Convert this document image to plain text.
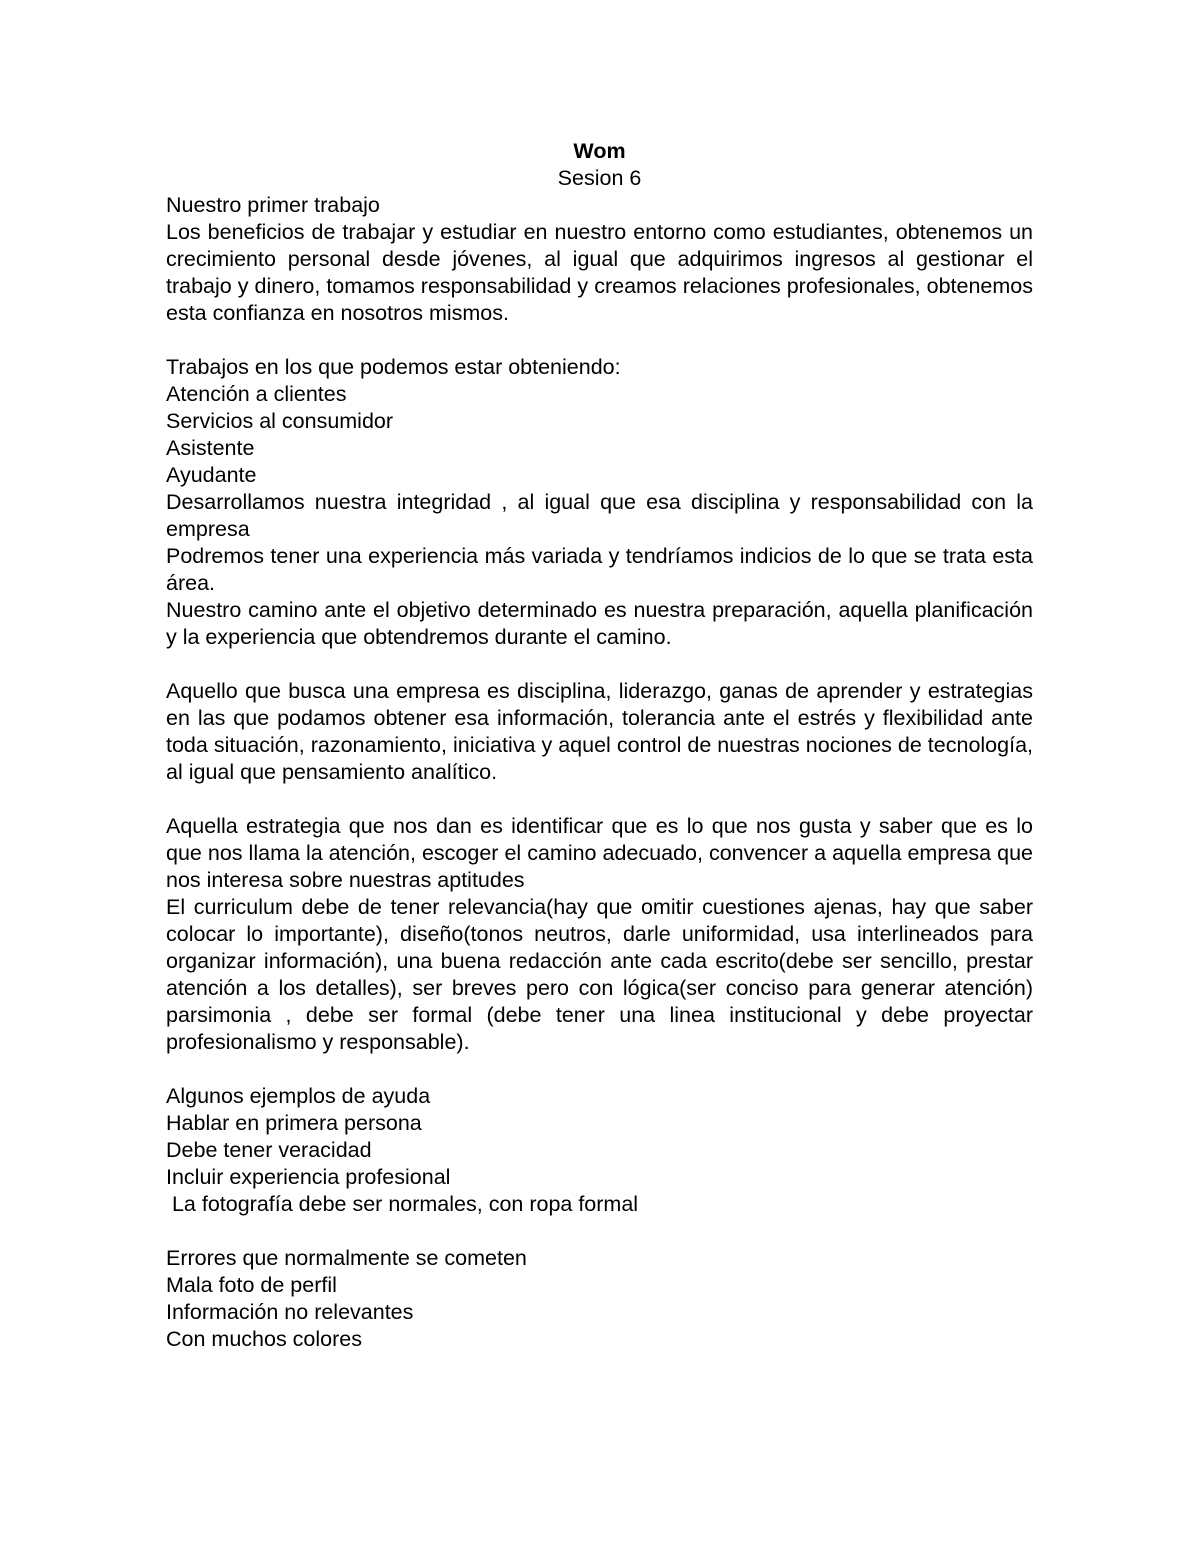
Wom

Sesion 6

Nuestro primer trabajo

Los beneficios de trabajar y estudiar en nuestro entorno como estudiantes, obtenemos un crecimiento personal desde jóvenes, al igual que adquirimos ingresos al gestionar el trabajo y dinero, tomamos responsabilidad y creamos relaciones profesionales, obtenemos esta confianza en nosotros mismos.

Trabajos en los que podemos estar obteniendo:

Atención a clientes

Servicios al consumidor

Asistente

Ayudante

Desarrollamos nuestra integridad , al igual que esa disciplina y responsabilidad con la empresa

Podremos tener una experiencia más variada y tendríamos indicios de lo que se trata esta área.

Nuestro camino ante el objetivo determinado es nuestra preparación, aquella planificación y la experiencia que obtendremos durante el camino.

Aquello que busca una empresa es disciplina, liderazgo, ganas de aprender y estrategias en las que podamos obtener esa información, tolerancia ante el estrés y flexibilidad ante toda situación, razonamiento, iniciativa y aquel control de nuestras nociones de tecnología, al igual que pensamiento analítico.

Aquella estrategia que nos dan es identificar que es lo que nos gusta y saber que es lo que nos llama la atención, escoger el camino adecuado, convencer a aquella empresa que nos interesa sobre nuestras aptitudes

El curriculum debe de tener relevancia(hay que omitir cuestiones ajenas, hay que saber colocar lo importante), diseño(tonos neutros, darle uniformidad, usa interlineados para organizar información), una buena redacción ante cada escrito(debe ser sencillo, prestar atención a los detalles), ser breves pero con lógica(ser conciso para generar atención) parsimonia , debe ser formal (debe tener una linea institucional y debe proyectar profesionalismo y responsable).

Algunos ejemplos de ayuda

Hablar en primera persona

Debe tener veracidad

Incluir experiencia profesional

La fotografía debe ser normales, con ropa formal

Errores que normalmente se cometen

Mala foto de perfil

Información no relevantes

Con muchos colores
